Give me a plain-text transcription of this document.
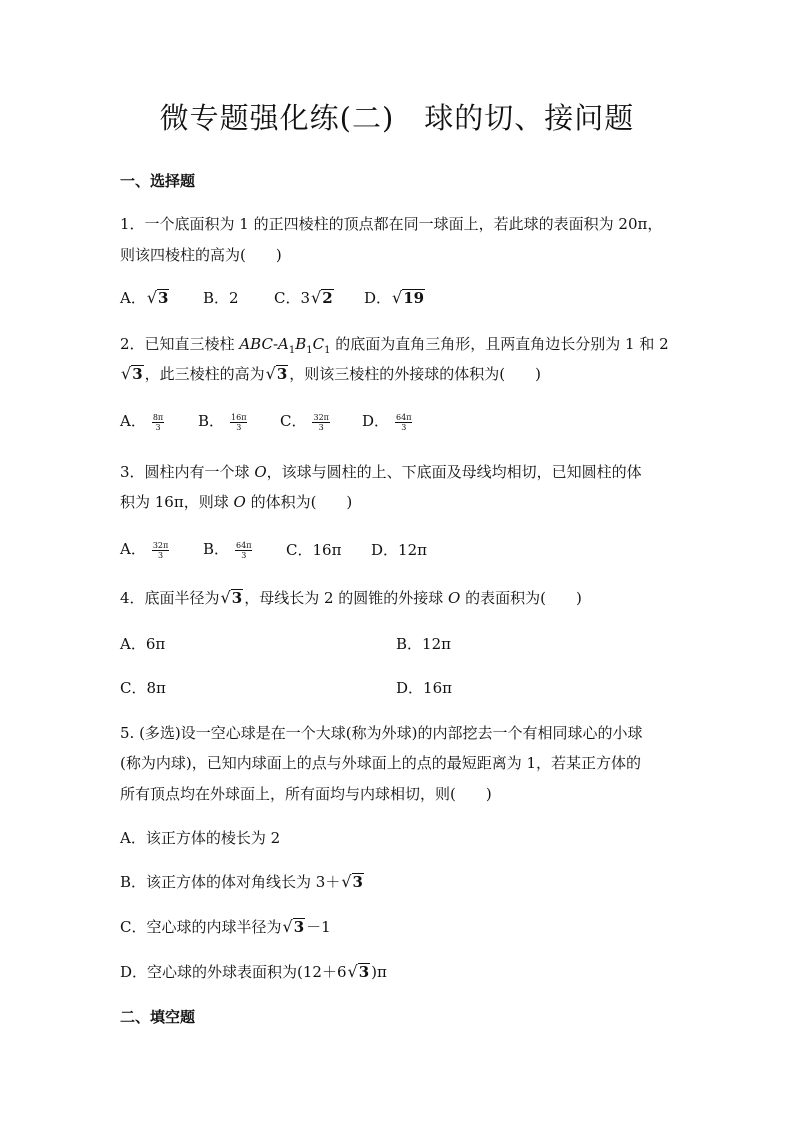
微专题强化练(二)　球的切、接问题
一、选择题
1．一个底面积为 1 的正四棱柱的顶点都在同一球面上，若此球的表面积为 20π，
则该四棱柱的高为(　　)
A． √ 3 B．2 C．3 √ 2 D． √ 19
2．已知直三棱柱 ABC-$A_1B_1C_1$ 的底面为直角三角形，且两直角边长分别为 1 和 2
√ 3 ，此三棱柱的高为 √ 3 ，则该三棱柱的外接球的体积为(　　)
A． $\frac{8\pi}{3}$ B． $\frac{16\pi}{3}$ C． $\frac{32\pi}{3}$ D． $\frac{64\pi}{3}$
3．圆柱内有一个球 O，该球与圆柱的上、下底面及母线均相切，已知圆柱的体
积为 16π，则球 O 的体积为(　　)
A． $\frac{32\pi}{3}$ B． $\frac{64\pi}{3}$ C．16π D．12π
4．底面半径为 √ 3 ，母线长为 2 的圆锥的外接球 O 的表面积为(　　)
A．6π	B．12π
C．8π	D．16π
5. (多选)设一空心球是在一个大球(称为外球)的内部挖去一个有相同球心的小球
(称为内球)，已知内球面上的点与外球面上的点的最短距离为 1，若某正方体的
所有顶点均在外球面上，所有面均与内球相切，则(　　)
A．该正方体的棱长为 2
B．该正方体的体对角线长为 3＋ √ 3
C．空心球的内球半径为 √ 3 －1
D．空心球的外球表面积为(12＋6 √ 3 )π
二、填空题
